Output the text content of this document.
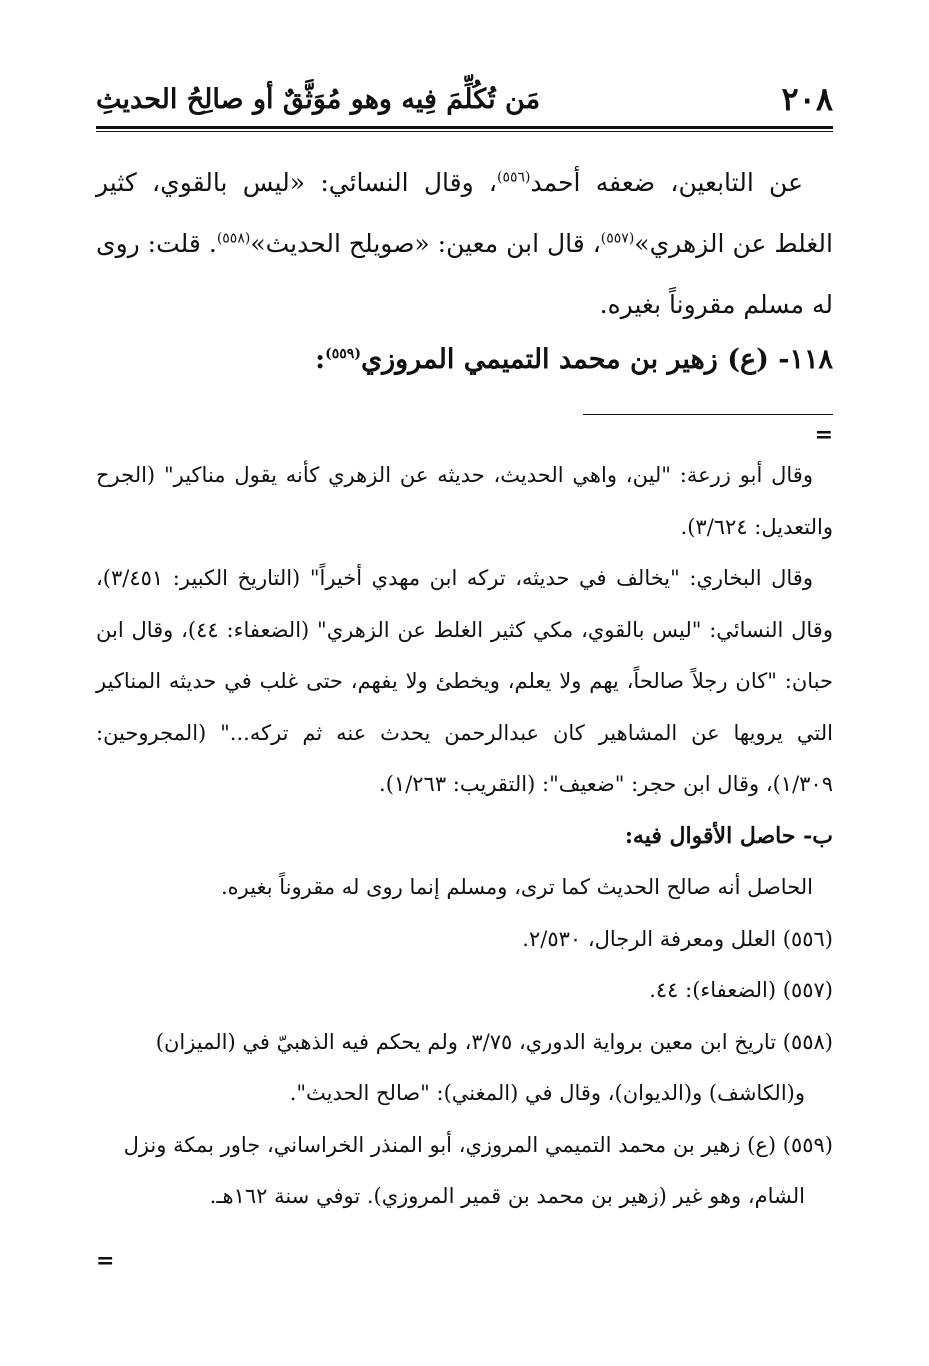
٢٠٨
مَن تُكُلِّمَ فِيه وهو مُوَثَّقٌ أو صالِحُ الحديثِ

عن التابعين، ضعفه أحمد$^{(٥٥٦)}$، وقال النسائي: «ليس بالقوي، كثير الغلط عن الزهري»$^{(٥٥٧)}$، قال ابن معين: «صويلح الحديث»$^{(٥٥٨)}$. قلت: روى له مسلم مقروناً بغيره.

١١٨- (ع) زهير بن محمد التميمي المروزي$^{(٥٥٩)}$:
=

وقال أبو زرعة: "لين، واهي الحديث، حديثه عن الزهري كأنه يقول مناكير" (الجرح والتعديل: ٣/٦٢٤).

وقال البخاري: "يخالف في حديثه، تركه ابن مهدي أخيراً" (التاريخ الكبير: ٣/٤٥١)، وقال النسائي: "ليس بالقوي، مكي كثير الغلط عن الزهري" (الضعفاء: ٤٤)، وقال ابن حبان: "كان رجلاً صالحاً، يهم ولا يعلم، ويخطئ ولا يفهم، حتى غلب في حديثه المناكير التي يرويها عن المشاهير كان عبدالرحمن يحدث عنه ثم تركه..." (المجروحين: ١/٣٠٩)، وقال ابن حجر: "ضعيف": (التقريب: ١/٢٦٣).

ب- حاصل الأقوال فيه:

الحاصل أنه صالح الحديث كما ترى، ومسلم إنما روى له مقروناً بغيره.

(٥٥٦) العلل ومعرفة الرجال، ٢/٥٣٠.

(٥٥٧) (الضعفاء): ٤٤.

(٥٥٨) تاريخ ابن معين برواية الدوري، ٣/٧٥، ولم يحكم فيه الذهبيّ في (الميزان)

و(الكاشف) و(الديوان)، وقال في (المغني): "صالح الحديث".

(٥٥٩) (ع) زهير بن محمد التميمي المروزي، أبو المنذر الخراساني، جاور بمكة ونزل

الشام، وهو غير (زهير بن محمد بن قمير المروزي). توفي سنة ١٦٢هـ.

=
